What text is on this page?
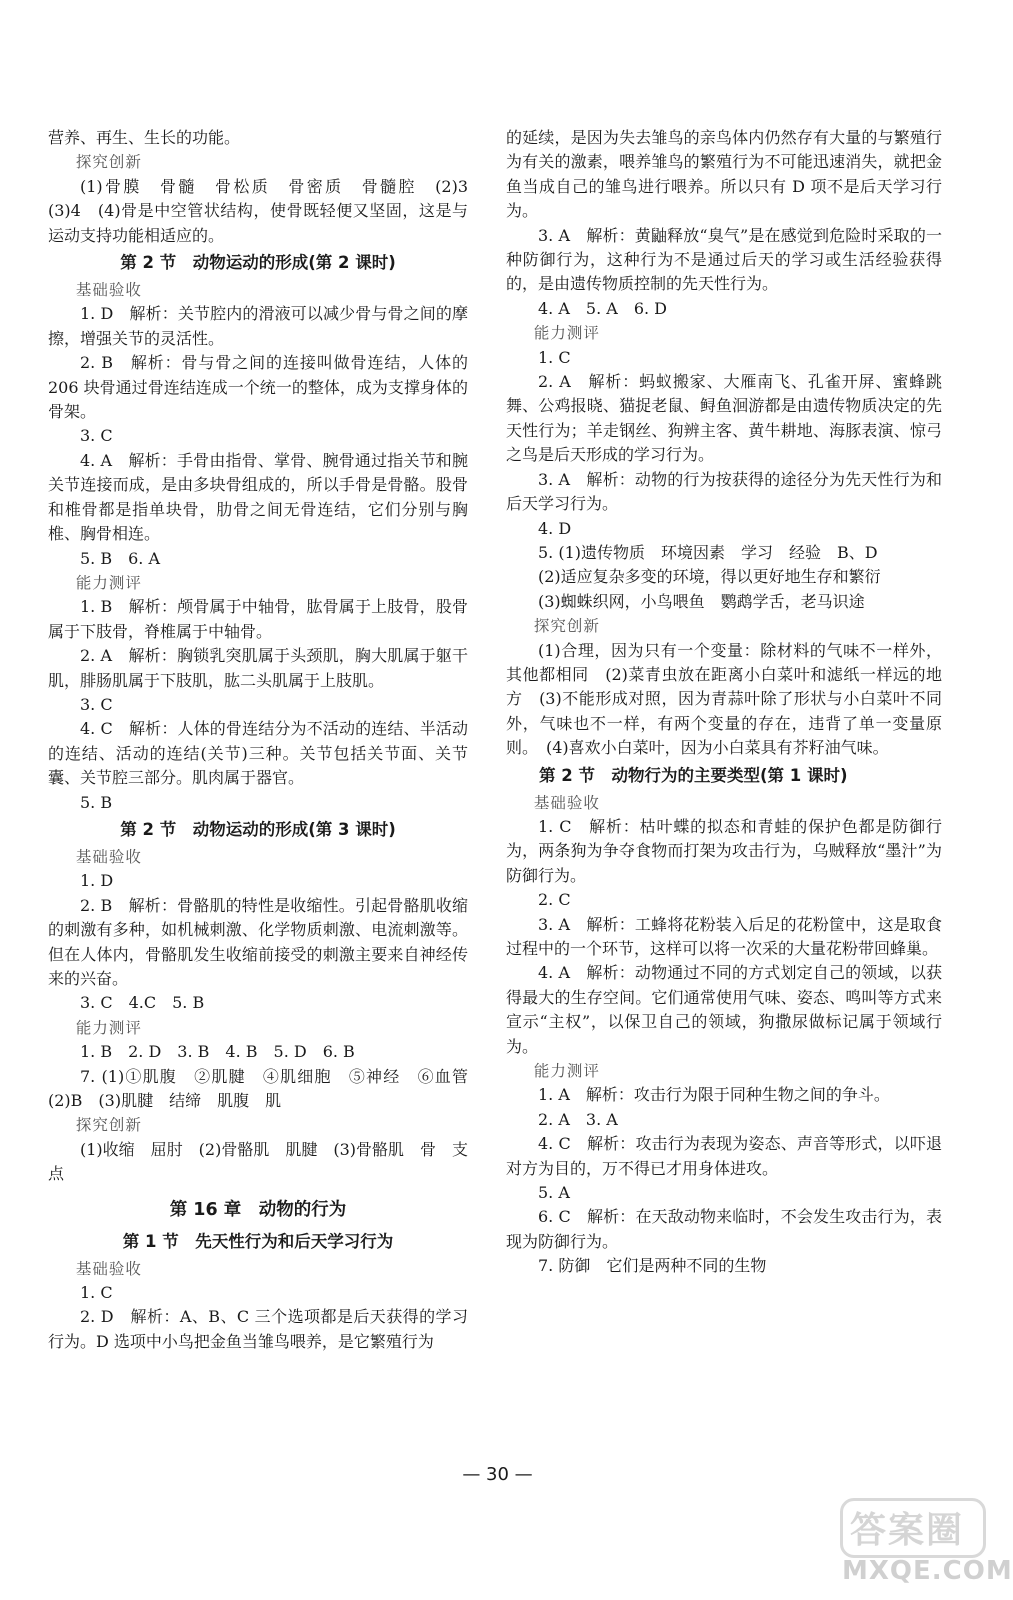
营养、再生、生长的功能。
探究创新
(1)骨膜　骨髓　骨松质　骨密质　骨髓腔　(2)3　(3)4　(4)骨是中空管状结构，使骨既轻便又坚固，这是与运动支持功能相适应的。
第 2 节　动物运动的形成(第 2 课时)
基础验收
1. D　解析：关节腔内的滑液可以减少骨与骨之间的摩擦，增强关节的灵活性。
2. B　解析：骨与骨之间的连接叫做骨连结，人体的 206 块骨通过骨连结连成一个统一的整体，成为支撑身体的骨架。
3. C
4. A　解析：手骨由指骨、掌骨、腕骨通过指关节和腕关节连接而成，是由多块骨组成的，所以手骨是骨骼。股骨和椎骨都是指单块骨，肋骨之间无骨连结，它们分别与胸椎、胸骨相连。
5. B　6. A
能力测评
1. B　解析：颅骨属于中轴骨，肱骨属于上肢骨，股骨属于下肢骨，脊椎属于中轴骨。
2. A　解析：胸锁乳突肌属于头颈肌，胸大肌属于躯干肌，腓肠肌属于下肢肌，肱二头肌属于上肢肌。
3. C
4. C　解析：人体的骨连结分为不活动的连结、半活动的连结、活动的连结(关节)三种。关节包括关节面、关节囊、关节腔三部分。肌肉属于器官。
5. B
第 2 节　动物运动的形成(第 3 课时)
基础验收
1. D
2. B　解析：骨骼肌的特性是收缩性。引起骨骼肌收缩的刺激有多种，如机械刺激、化学物质刺激、电流刺激等。但在人体内，骨骼肌发生收缩前接受的刺激主要来自神经传来的兴奋。
3. C　4.C　5. B
能力测评
1. B　2. D　3. B　4. B　5. D　6. B
7. (1)①肌腹　②肌腱　④肌细胞　⑤神经　⑥血管　(2)B　(3)肌腱　结缔　肌腹　肌
探究创新
(1)收缩　屈肘　(2)骨骼肌　肌腱　(3)骨骼肌　骨　支点
第 16 章　动物的行为
第 1 节　先天性行为和后天学习行为
基础验收
1. C
2. D　解析：A、B、C 三个选项都是后天获得的学习行为。D 选项中小鸟把金鱼当雏鸟喂养，是它繁殖行为
的延续，是因为失去雏鸟的亲鸟体内仍然存有大量的与繁殖行为有关的激素，喂养雏鸟的繁殖行为不可能迅速消失，就把金鱼当成自己的雏鸟进行喂养。所以只有 D 项不是后天学习行为。
3. A　解析：黄鼬释放“臭气”是在感觉到危险时采取的一种防御行为，这种行为不是通过后天的学习或生活经验获得的，是由遗传物质控制的先天性行为。
4. A　5. A　6. D
能力测评
1. C
2. A　解析：蚂蚁搬家、大雁南飞、孔雀开屏、蜜蜂跳舞、公鸡报晓、猫捉老鼠、鲟鱼洄游都是由遗传物质决定的先天性行为；羊走钢丝、狗辨主客、黄牛耕地、海豚表演、惊弓之鸟是后天形成的学习行为。
3. A　解析：动物的行为按获得的途径分为先天性行为和后天学习行为。
4. D
5. (1)遗传物质　环境因素　学习　经验　B、D
(2)适应复杂多变的环境，得以更好地生存和繁衍
(3)蜘蛛织网，小鸟喂鱼　鹦鹉学舌，老马识途
探究创新
(1)合理，因为只有一个变量：除材料的气味不一样外，其他都相同　(2)菜青虫放在距离小白菜叶和滤纸一样远的地方　(3)不能形成对照，因为青蒜叶除了形状与小白菜叶不同外，气味也不一样，有两个变量的存在，违背了单一变量原则。　(4)喜欢小白菜叶，因为小白菜具有芥籽油气味。
第 2 节　动物行为的主要类型(第 1 课时)
基础验收
1. C　解析：枯叶蝶的拟态和青蛙的保护色都是防御行为，两条狗为争夺食物而打架为攻击行为，乌贼释放“墨汁”为防御行为。
2. C
3. A　解析：工蜂将花粉装入后足的花粉筐中，这是取食过程中的一个环节，这样可以将一次采的大量花粉带回蜂巢。
4. A　解析：动物通过不同的方式划定自己的领域，以获得最大的生存空间。它们通常使用气味、姿态、鸣叫等方式来宣示“主权”，以保卫自己的领域，狗撒尿做标记属于领域行为。
能力测评
1. A　解析：攻击行为限于同种生物之间的争斗。
2. A　3. A
4. C　解析：攻击行为表现为姿态、声音等形式，以吓退对方为目的，万不得已才用身体进攻。
5. A
6. C　解析：在天敌动物来临时，不会发生攻击行为，表现为防御行为。
7. 防御　它们是两种不同的生物
— 30 —
答案圈
MXQE.COM
